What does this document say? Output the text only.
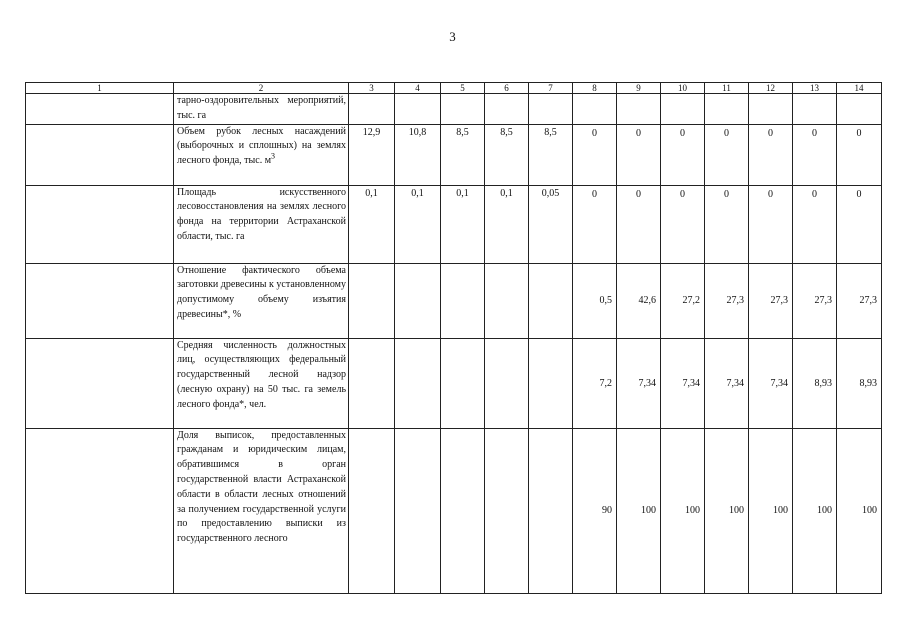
3
1	2	3	4	5	6	7	8	9	10	11	12	13	14

	тарно-оздоровительных мероприятий, тыс. га												

	Объем рубок лесных насаждений (выборочных и сплошных) на землях лесного фонда, тыс. $м^3$	12,9	10,8	8,5	8,5	8,5	0	0	0	0	0	0	0

	Площадь искусственного лесовосстановления на землях лесного фонда на территории Астраханской области, тыс. га	0,1	0,1	0,1	0,1	0,05	0	0	0	0	0	0	0

	Отношение фактического объема заготовки древесины к установленному допустимому объему изъятия древесины*, %						0,5	42,6	27,2	27,3	27,3	27,3	27,3

	Средняя численность должностных лиц, осуществляющих федеральный государственный лесной надзор (лесную охрану) на 50 тыс. га земель лесного фонда*, чел.						7,2	7,34	7,34	7,34	7,34	8,93	8,93

	Доля выписок, предоставленных гражданам и юридическим лицам, обратившимся в орган государственной власти Астраханской области в области лесных отношений за получением государственной услуги по предоставлению выписки из государственного лесного						90	100	100	100	100	100	100
